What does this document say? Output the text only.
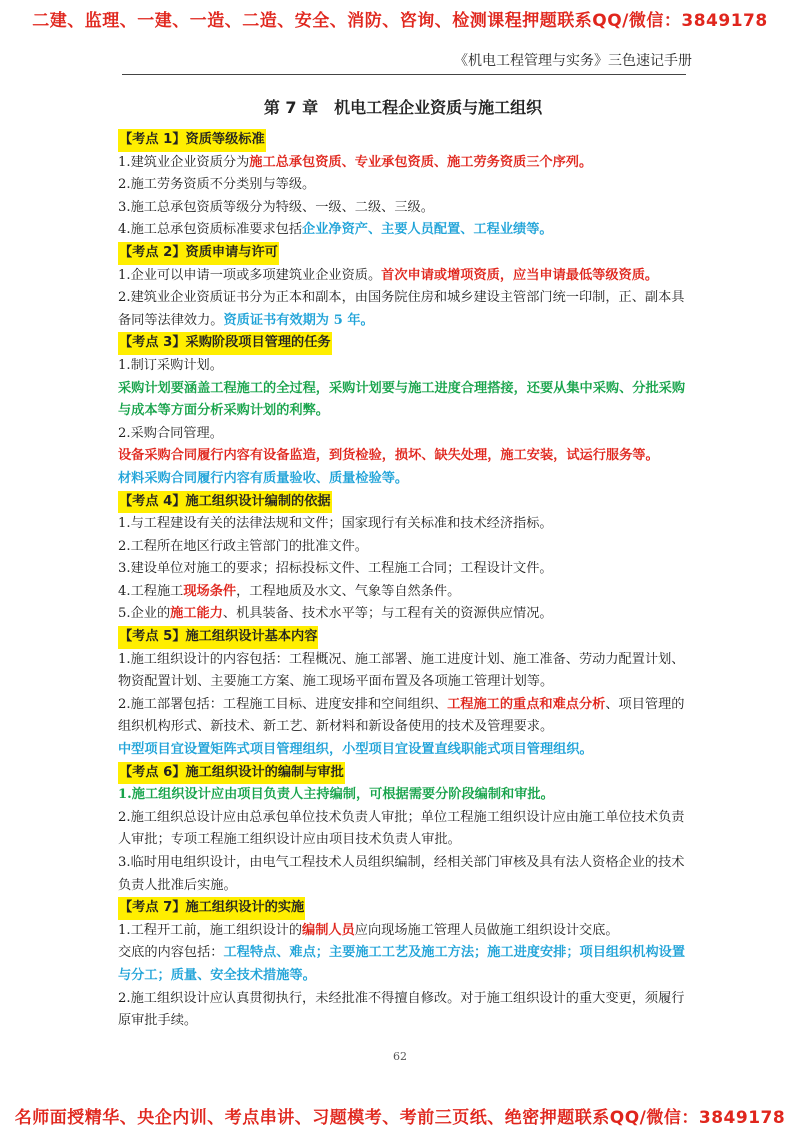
二建、监理、一建、一造、二造、安全、消防、咨询、检测课程押题联系QQ/微信：3849178
《机电工程管理与实务》三色速记手册
第 7 章　机电工程企业资质与施工组织
【考点 1】资质等级标准
1.建筑业企业资质分为施工总承包资质、专业承包资质、施工劳务资质三个序列。
2.施工劳务资质不分类别与等级。
3.施工总承包资质等级分为特级、一级、二级、三级。
4.施工总承包资质标准要求包括企业净资产、主要人员配置、工程业绩等。
【考点 2】资质申请与许可
1.企业可以申请一项或多项建筑业企业资质。首次申请或增项资质，应当申请最低等级资质。
2.建筑业企业资质证书分为正本和副本，由国务院住房和城乡建设主管部门统一印制，正、副本具备同等法律效力。资质证书有效期为 5 年。
【考点 3】采购阶段项目管理的任务
1.制订采购计划。
采购计划要涵盖工程施工的全过程，采购计划要与施工进度合理搭接，还要从集中采购、分批采购与成本等方面分析采购计划的利弊。
2.采购合同管理。
设备采购合同履行内容有设备监造，到货检验，损坏、缺失处理，施工安装，试运行服务等。
材料采购合同履行内容有质量验收、质量检验等。
【考点 4】施工组织设计编制的依据
1.与工程建设有关的法律法规和文件；国家现行有关标准和技术经济指标。
2.工程所在地区行政主管部门的批准文件。
3.建设单位对施工的要求；招标投标文件、工程施工合同；工程设计文件。
4.工程施工现场条件，工程地质及水文、气象等自然条件。
5.企业的施工能力、机具装备、技术水平等；与工程有关的资源供应情况。
【考点 5】施工组织设计基本内容
1.施工组织设计的内容包括：工程概况、施工部署、施工进度计划、施工准备、劳动力配置计划、物资配置计划、主要施工方案、施工现场平面布置及各项施工管理计划等。
2.施工部署包括：工程施工目标、进度安排和空间组织、工程施工的重点和难点分析、项目管理的组织机构形式、新技术、新工艺、新材料和新设备使用的技术及管理要求。
中型项目宜设置矩阵式项目管理组织，小型项目宜设置直线职能式项目管理组织。
【考点 6】施工组织设计的编制与审批
1.施工组织设计应由项目负责人主持编制，可根据需要分阶段编制和审批。
2.施工组织总设计应由总承包单位技术负责人审批；单位工程施工组织设计应由施工单位技术负责人审批；专项工程施工组织设计应由项目技术负责人审批。
3.临时用电组织设计，由电气工程技术人员组织编制，经相关部门审核及具有法人资格企业的技术负责人批准后实施。
【考点 7】施工组织设计的实施
1.工程开工前，施工组织设计的编制人员应向现场施工管理人员做施工组织设计交底。
交底的内容包括：工程特点、难点；主要施工工艺及施工方法；施工进度安排；项目组织机构设置与分工；质量、安全技术措施等。
2.施工组织设计应认真贯彻执行，未经批准不得擅自修改。对于施工组织设计的重大变更，须履行原审批手续。
62
名师面授精华、央企内训、考点串讲、习题模考、考前三页纸、绝密押题联系QQ/微信：3849178
